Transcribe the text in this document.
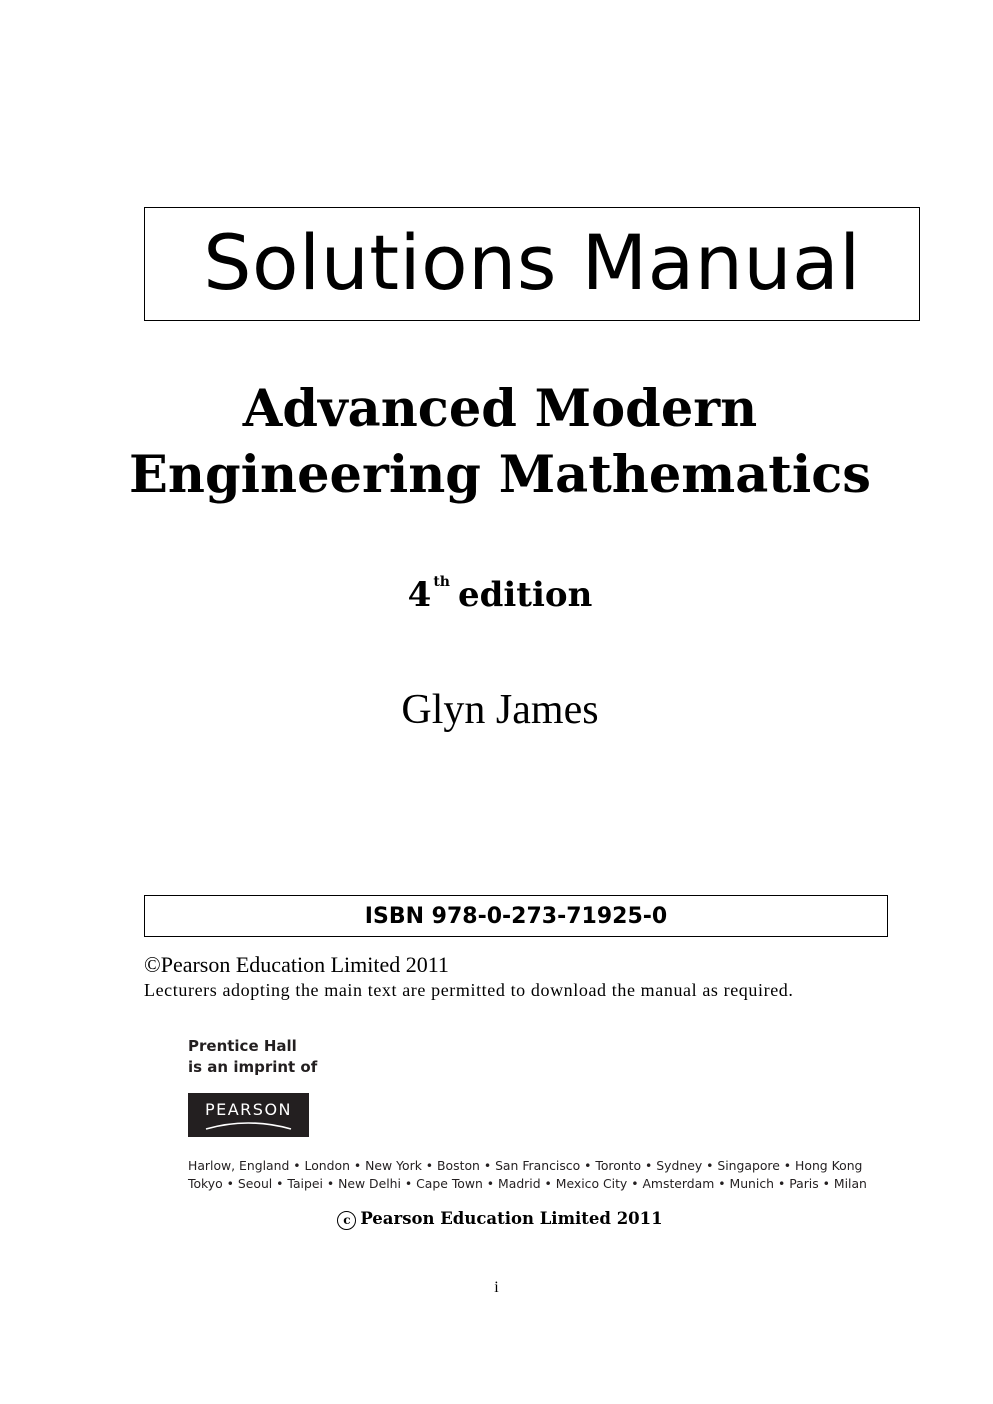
Solutions Manual
Advanced Modern
Engineering Mathematics
4 $^{th}$ edition
Glyn James
ISBN 978-0-273-71925-0
©Pearson Education Limited 2011
Lecturers adopting the main text are permitted to download the manual as required.
Prentice Hall
is an imprint of
PEARSON
Harlow, England • London • New York • Boston • San Francisco • Toronto • Sydney • Singapore • Hong Kong
Tokyo • Seoul • Taipei • New Delhi • Cape Town • Madrid • Mexico City • Amsterdam • Munich • Paris • Milan
c Pearson Education Limited 2011
i
